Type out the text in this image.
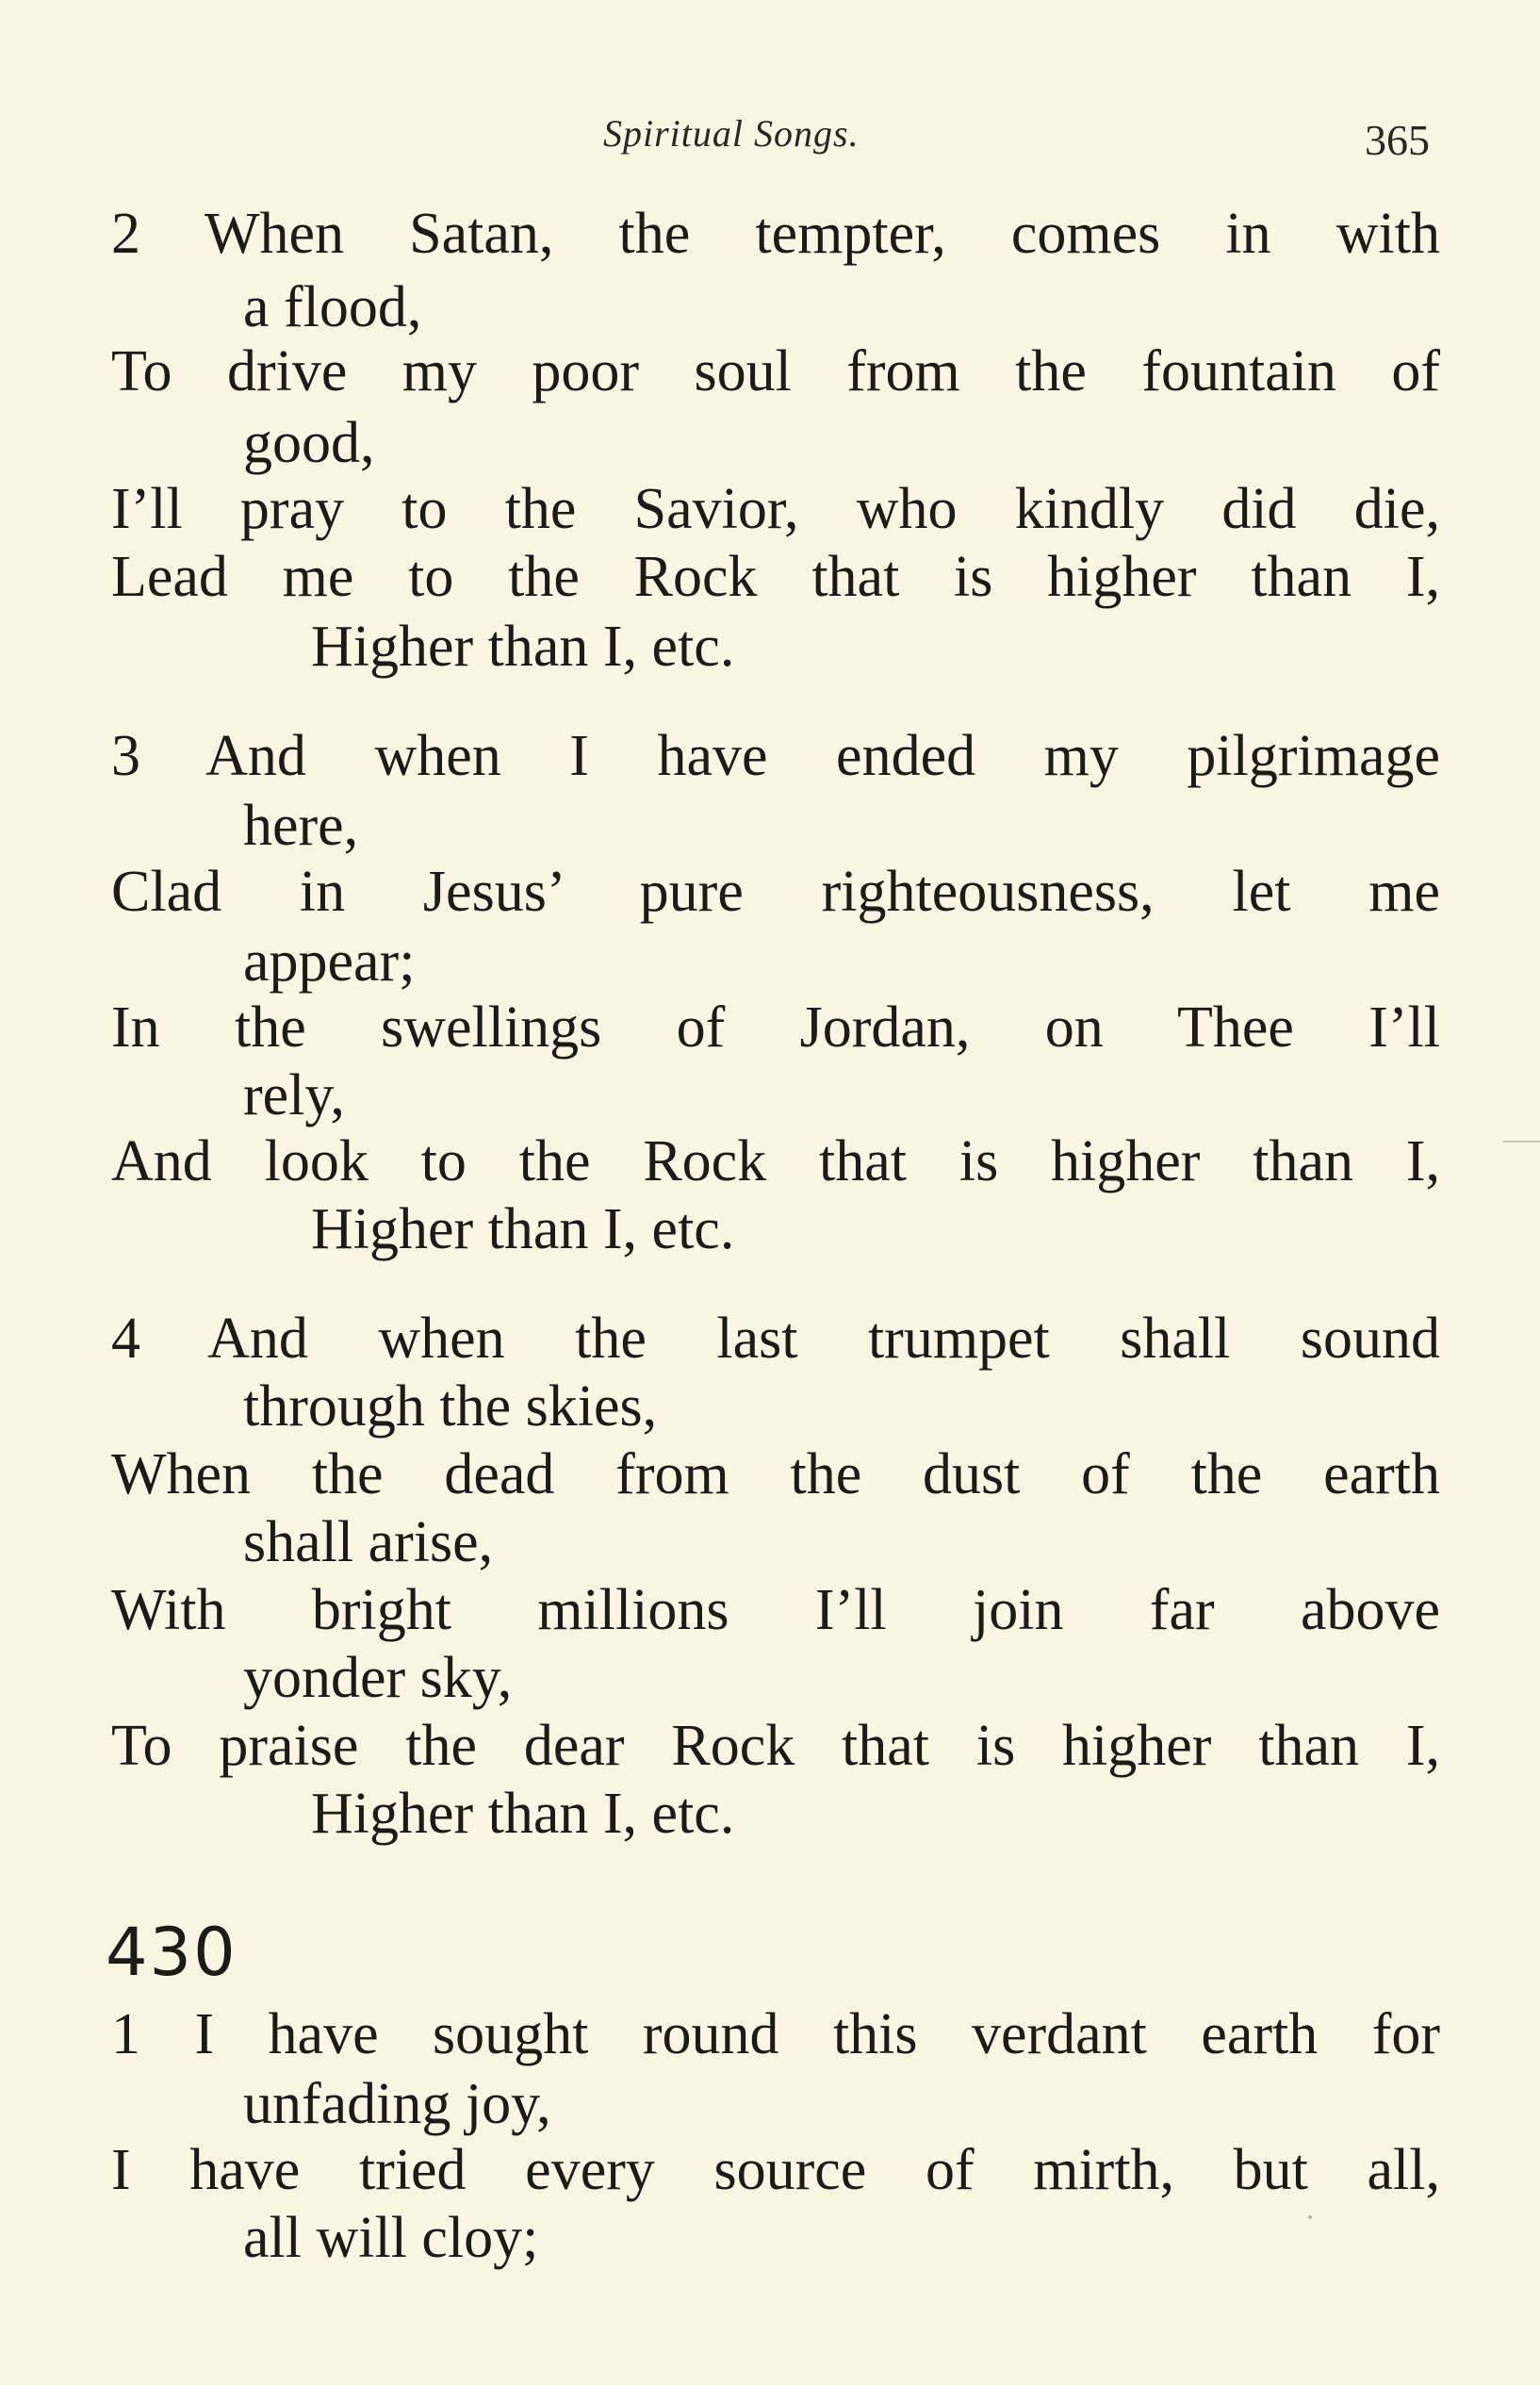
Spiritual Songs.	365
2 When Satan, the tempter, comes in with
a flood,
To drive my poor soul from the fountain of
good,
I’ll pray to the Savior, who kindly did die,
Lead me to the Rock that is higher than I,
Higher than I, etc.
3 And when I have ended my pilgrimage
here,
Clad in Jesus’ pure righteousness, let me
appear;
In the swellings of Jordan, on Thee I’ll
rely,
And look to the Rock that is higher than I,
Higher than I, etc.
4 And when the last trumpet shall sound
through the skies,
When the dead from the dust of the earth
shall arise,
With bright millions I’ll join far above
yonder sky,
To praise the dear Rock that is higher than I,
Higher than I, etc.
430
1 I have sought round this verdant earth for
unfading joy,
I have tried every source of mirth, but all,
all will cloy;
